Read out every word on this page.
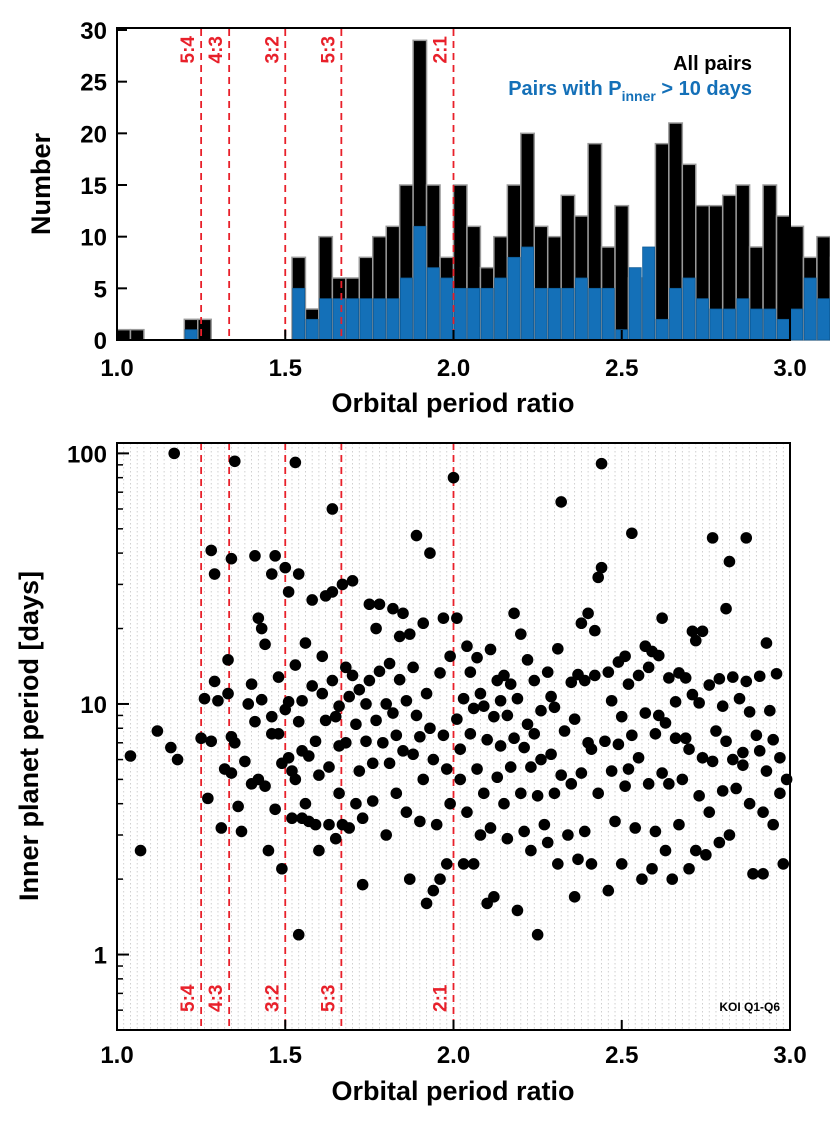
5:4 4:3 3:2 5:3	2:1
1.0	1.5	2.0	2.5	3.0
0
5
10
15
20
25
30
Orbital period ratio
Number
All pairs
Pairs with $P_{inner} > 10$ days
5:4 4:3 3:2 5:3	2:1
1.0	1.5	2.0	2.5	3.0
1
10
100
KOI Q1-Q6
Orbital period ratio
Inner planet period [days]
